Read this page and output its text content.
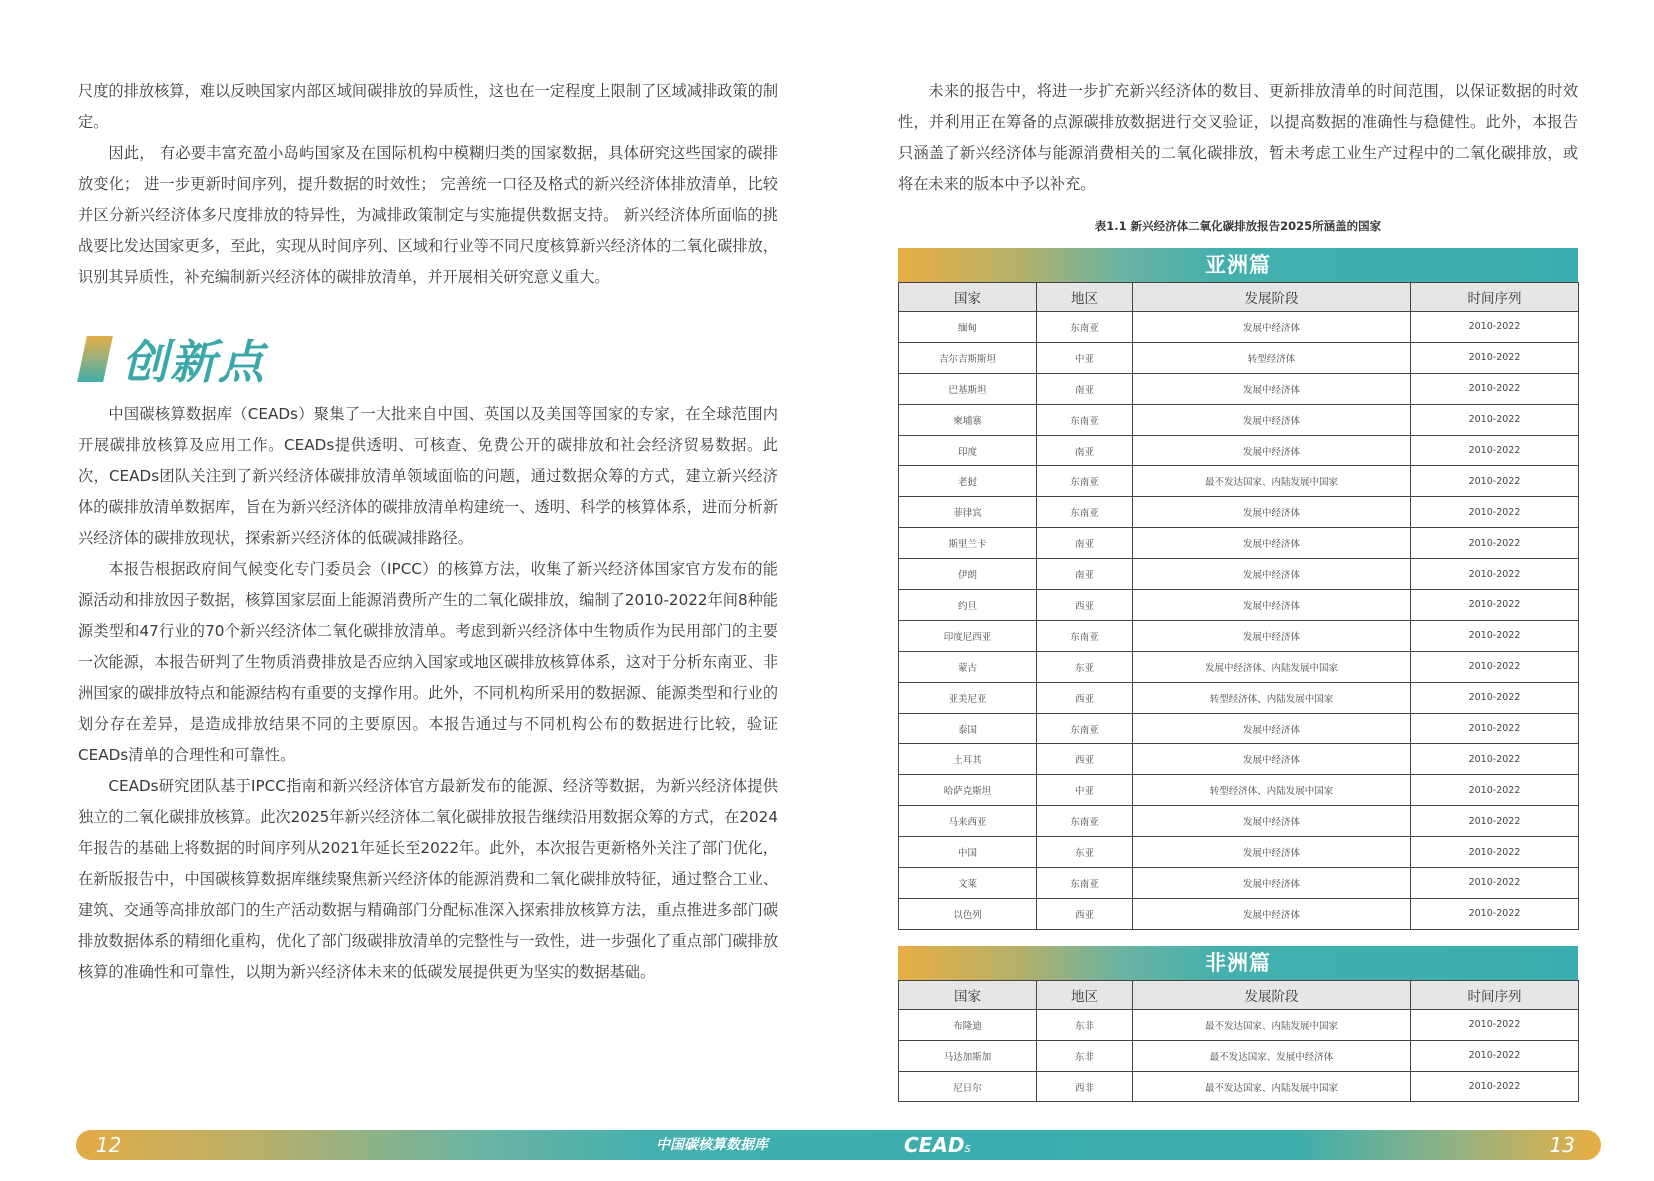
尺度的排放核算，难以反映国家内部区域间碳排放的异质性，这也在一定程度上限制了区域减排政策的制定。

因此， 有必要丰富充盈小岛屿国家及在国际机构中模糊归类的国家数据，具体研究这些国家的碳排放变化； 进一步更新时间序列，提升数据的时效性； 完善统一口径及格式的新兴经济体排放清单，比较并区分新兴经济体多尺度排放的特异性，为减排政策制定与实施提供数据支持。 新兴经济体所面临的挑战要比发达国家更多，至此，实现从时间序列、区域和行业等不同尺度核算新兴经济体的二氧化碳排放， 识别其异质性，补充编制新兴经济体的碳排放清单，并开展相关研究意义重大。

创新点

中国碳核算数据库（CEADs）聚集了一大批来自中国、英国以及美国等国家的专家，在全球范围内开展碳排放核算及应用工作。CEADs提供透明、可核查、免费公开的碳排放和社会经济贸易数据。此次，CEADs团队关注到了新兴经济体碳排放清单领域面临的问题，通过数据众筹的方式，建立新兴经济体的碳排放清单数据库，旨在为新兴经济体的碳排放清单构建统一、透明、科学的核算体系，进而分析新兴经济体的碳排放现状，探索新兴经济体的低碳减排路径。

本报告根据政府间气候变化专门委员会（IPCC）的核算方法，收集了新兴经济体国家官方发布的能源活动和排放因子数据，核算国家层面上能源消费所产生的二氧化碳排放，编制了2010-2022年间8种能源类型和47行业的70个新兴经济体二氧化碳排放清单。考虑到新兴经济体中生物质作为民用部门的主要一次能源，本报告研判了生物质消费排放是否应纳入国家或地区碳排放核算体系，这对于分析东南亚、非洲国家的碳排放特点和能源结构有重要的支撑作用。此外，不同机构所采用的数据源、能源类型和行业的划分存在差异，是造成排放结果不同的主要原因。本报告通过与不同机构公布的数据进行比较，验证CEADs清单的合理性和可靠性。

CEADs研究团队基于IPCC指南和新兴经济体官方最新发布的能源、经济等数据，为新兴经济体提供独立的二氧化碳排放核算。此次2025年新兴经济体二氧化碳排放报告继续沿用数据众筹的方式，在2024年报告的基础上将数据的时间序列从2021年延长至2022年。此外，本次报告更新格外关注了部门优化，在新版报告中，中国碳核算数据库继续聚焦新兴经济体的能源消费和二氧化碳排放特征，通过整合工业、建筑、交通等高排放部门的生产活动数据与精确部门分配标准深入探索排放核算方法，重点推进多部门碳排放数据体系的精细化重构，优化了部门级碳排放清单的完整性与一致性，进一步强化了重点部门碳排放核算的准确性和可靠性，以期为新兴经济体未来的低碳发展提供更为坚实的数据基础。

未来的报告中，将进一步扩充新兴经济体的数目、更新排放清单的时间范围，以保证数据的时效性，并利用正在筹备的点源碳排放数据进行交叉验证，以提高数据的准确性与稳健性。此外，本报告只涵盖了新兴经济体与能源消费相关的二氧化碳排放，暂未考虑工业生产过程中的二氧化碳排放，或将在未来的版本中予以补充。

表1.1 新兴经济体二氧化碳排放报告2025所涵盖的国家
亚洲篇
国家	地区	发展阶段	时间序列
缅甸	东南亚	发展中经济体	2010-2022
吉尔吉斯斯坦	中亚	转型经济体	2010-2022
巴基斯坦	南亚	发展中经济体	2010-2022
柬埔寨	东南亚	发展中经济体	2010-2022
印度	南亚	发展中经济体	2010-2022
老挝	东南亚	最不发达国家、内陆发展中国家	2010-2022
菲律宾	东南亚	发展中经济体	2010-2022
斯里兰卡	南亚	发展中经济体	2010-2022
伊朗	南亚	发展中经济体	2010-2022
约旦	西亚	发展中经济体	2010-2022
印度尼西亚	东南亚	发展中经济体	2010-2022
蒙古	东亚	发展中经济体、内陆发展中国家	2010-2022
亚美尼亚	西亚	转型经济体、内陆发展中国家	2010-2022
泰国	东南亚	发展中经济体	2010-2022
土耳其	西亚	发展中经济体	2010-2022
哈萨克斯坦	中亚	转型经济体、内陆发展中国家	2010-2022
马来西亚	东南亚	发展中经济体	2010-2022
中国	东亚	发展中经济体	2010-2022
文莱	东南亚	发展中经济体	2010-2022
以色列	西亚	发展中经济体	2010-2022
非洲篇
国家	地区	发展阶段	时间序列
布隆迪	东非	最不发达国家、内陆发展中国家	2010-2022
马达加斯加	东非	最不发达国家、发展中经济体	2010-2022
尼日尔	西非	最不发达国家、内陆发展中国家	2010-2022
12	中国碳核算数据库	CEADs	13
